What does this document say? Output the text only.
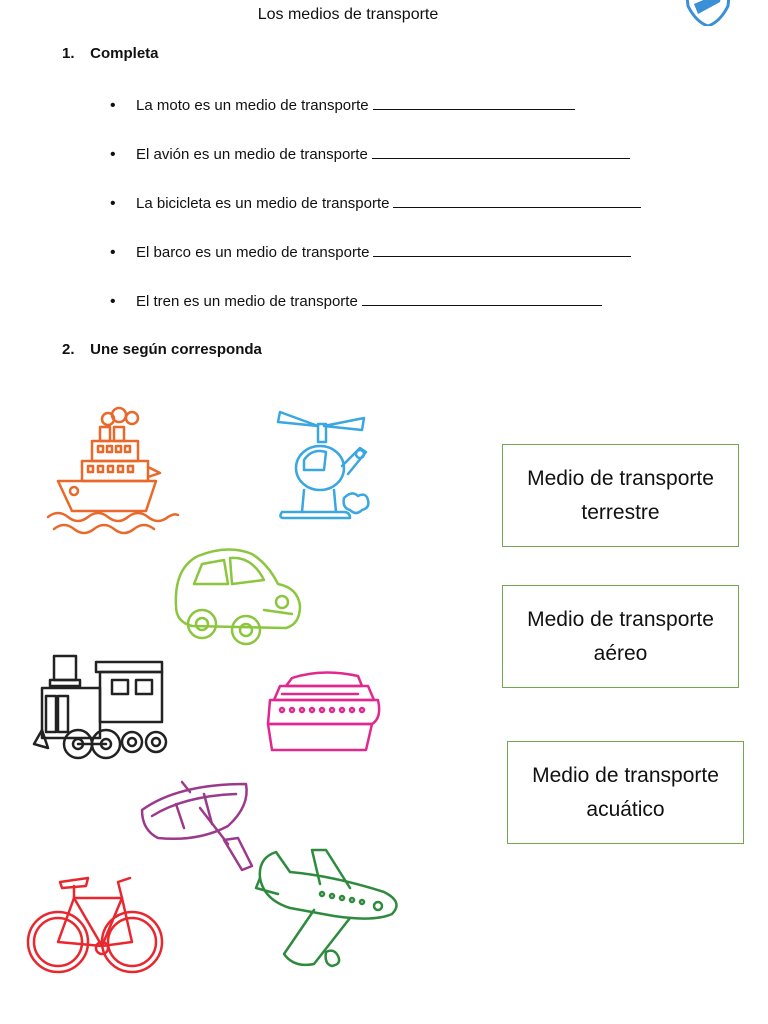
Los medios de transporte
1. Completa
•	La moto es un medio de transporte
•	El avión es un medio de transporte
•	La bicicleta es un medio de transporte
•	El barco es un medio de transporte
•	El tren es un medio de transporte
2. Une según corresponda
Medio de transporte
terrestre
Medio de transporte
aéreo
Medio de transporte
acuático
